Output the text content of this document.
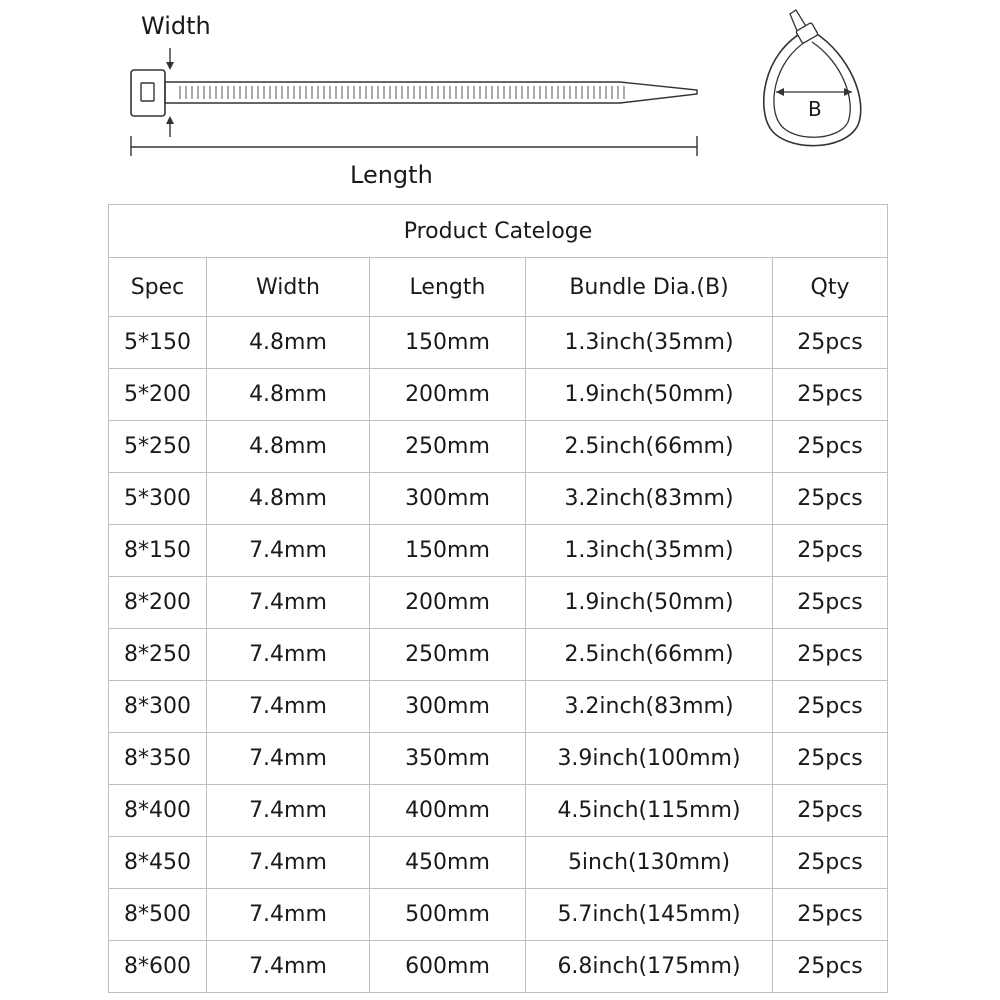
Width
Length
B
Product Cateloge				
Spec	Width	Length	Bundle Dia.(B)	Qty
5*150	4.8mm	150mm	1.3inch(35mm)	25pcs
5*200	4.8mm	200mm	1.9inch(50mm)	25pcs
5*250	4.8mm	250mm	2.5inch(66mm)	25pcs
5*300	4.8mm	300mm	3.2inch(83mm)	25pcs
8*150	7.4mm	150mm	1.3inch(35mm)	25pcs
8*200	7.4mm	200mm	1.9inch(50mm)	25pcs
8*250	7.4mm	250mm	2.5inch(66mm)	25pcs
8*300	7.4mm	300mm	3.2inch(83mm)	25pcs
8*350	7.4mm	350mm	3.9inch(100mm)	25pcs
8*400	7.4mm	400mm	4.5inch(115mm)	25pcs
8*450	7.4mm	450mm	5inch(130mm)	25pcs
8*500	7.4mm	500mm	5.7inch(145mm)	25pcs
8*600	7.4mm	600mm	6.8inch(175mm)	25pcs
